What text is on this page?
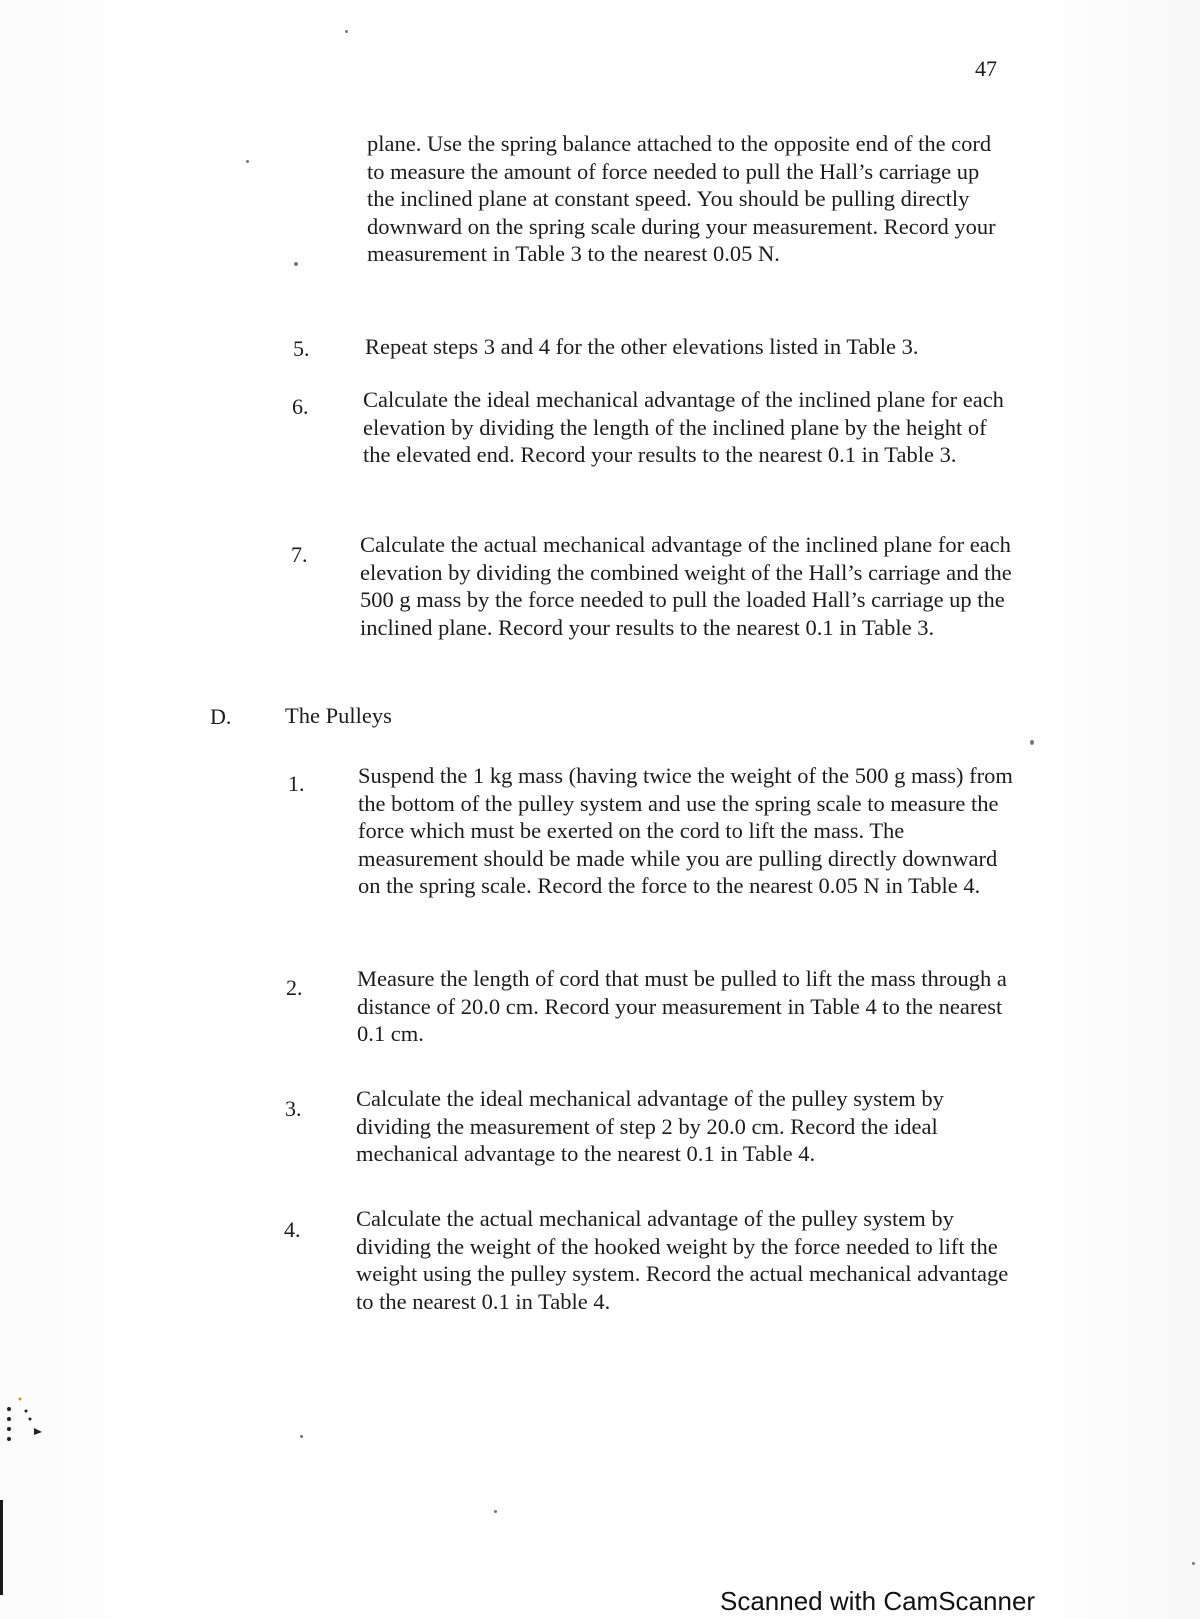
47

plane. Use the spring balance attached to the opposite end of the cord to measure the amount of force needed to pull the Hall’s carriage up the inclined plane at constant speed. You should be pulling directly downward on the spring scale during your measurement. Record your measurement in Table 3 to the nearest 0.05 N.

5. Repeat steps 3 and 4 for the other elevations listed in Table 3.

6. Calculate the ideal mechanical advantage of the inclined plane for each elevation by dividing the length of the inclined plane by the height of the elevated end. Record your results to the nearest 0.1 in Table 3.

7. Calculate the actual mechanical advantage of the inclined plane for each elevation by dividing the combined weight of the Hall’s carriage and the 500 g mass by the force needed to pull the loaded Hall’s carriage up the inclined plane. Record your results to the nearest 0.1 in Table 3.

D. The Pulleys
1. Suspend the 1 kg mass (having twice the weight of the 500 g mass) from the bottom of the pulley system and use the spring scale to measure the force which must be exerted on the cord to lift the mass. The measurement should be made while you are pulling directly downward on the spring scale. Record the force to the nearest 0.05 N in Table 4.

2. Measure the length of cord that must be pulled to lift the mass through a distance of 20.0 cm. Record your measurement in Table 4 to the nearest 0.1 cm.

3. Calculate the ideal mechanical advantage of the pulley system by dividing the measurement of step 2 by 20.0 cm. Record the ideal mechanical advantage to the nearest 0.1 in Table 4.

4. Calculate the actual mechanical advantage of the pulley system by dividing the weight of the hooked weight by the force needed to lift the weight using the pulley system. Record the actual mechanical advantage to the nearest 0.1 in Table 4.

Scanned with CamScanner
